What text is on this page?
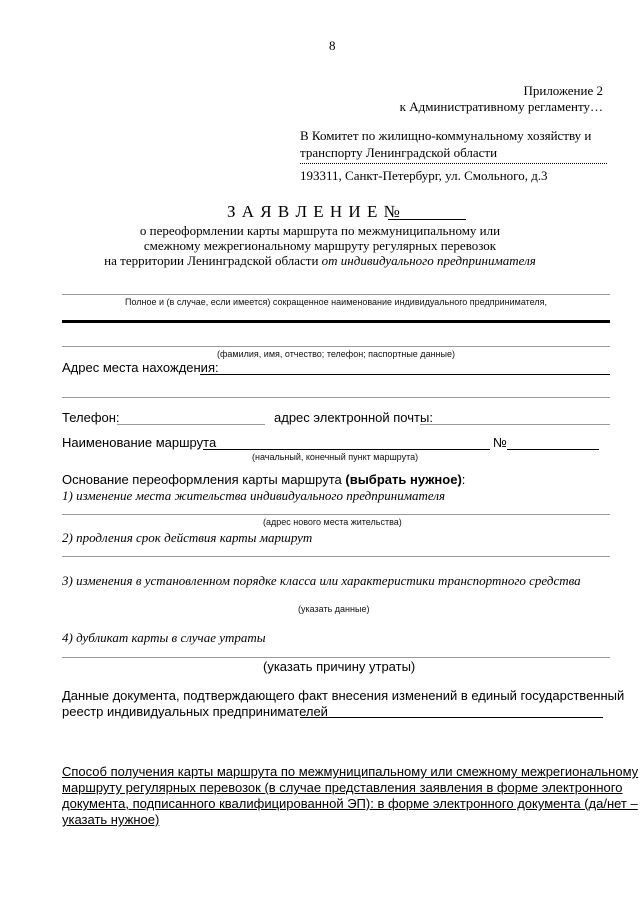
8
Приложение 2
к Административному регламенту…
В Комитет по жилищно-коммунальному хозяйству и
транспорту Ленинградской области
193311, Санкт-Петербург, ул. Смольного, д.3
З А Я В Л Е Н И Е №
о переоформлении карты маршрута по межмуниципальному или
смежному межрегиональному маршруту регулярных перевозок
на территории Ленинградской области от индивидуального предпринимателя
Полное и (в случае, если имеется) сокращенное наименование индивидуального предпринимателя,
(фамилия, имя, отчество; телефон; паспортные данные)
Адрес места нахождения:
Телефон:	адрес электронной почты:
Наименование маршрута	№
(начальный, конечный пункт маршрута)
Основание переоформления карты маршрута (выбрать нужное):
1) изменение места жительства индивидуального предпринимателя
(адрес нового места жительства)
2) продления срок действия карты маршрут
3) изменения в установленном порядке класса или характеристики транспортного средства
(указать данные)
4) дубликат карты в случае утраты
(указать причину утраты)
Данные документа, подтверждающего факт внесения изменений в единый государственный
реестр индивидуальных предпринимателей
Способ получения карты маршрута по межмуниципальному или смежному межрегиональному
маршруту регулярных перевозок (в случае представления заявления в форме электронного
документа, подписанного квалифицированной ЭП): в форме электронного документа (да/нет –
указать нужное)
